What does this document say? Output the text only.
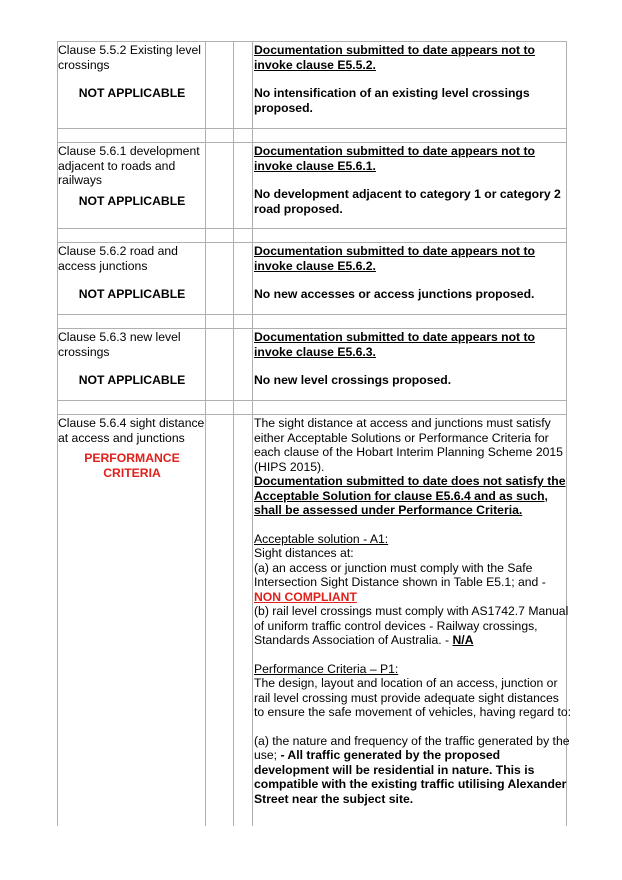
Clause 5.5.2 Existing level crossings

NOT APPLICABLE

Documentation submitted to date appears not to invoke clause E5.5.2.

No intensification of an existing level crossings proposed.

Clause 5.6.1 development adjacent to roads and railways

NOT APPLICABLE

Documentation submitted to date appears not to invoke clause E5.6.1.

No development adjacent to category 1 or category 2 road proposed.

Clause 5.6.2 road and access junctions

NOT APPLICABLE

Documentation submitted to date appears not to invoke clause E5.6.2.

No new accesses or access junctions proposed.

Clause 5.6.3 new level crossings

NOT APPLICABLE

Documentation submitted to date appears not to invoke clause E5.6.3.

No new level crossings proposed.

Clause 5.6.4 sight distance at access and junctions

PERFORMANCE CRITERIA

The sight distance at access and junctions must satisfy either Acceptable Solutions or Performance Criteria for each clause of the Hobart Interim Planning Scheme 2015 (HIPS 2015).

Documentation submitted to date does not satisfy the Acceptable Solution for clause E5.6.4 and as such, shall be assessed under Performance Criteria.

Acceptable solution - A1:

Sight distances at:

(a) an access or junction must comply with the Safe Intersection Sight Distance shown in Table E5.1; and - NON COMPLIANT

(b) rail level crossings must comply with AS1742.7 Manual of uniform traffic control devices - Railway crossings, Standards Association of Australia. - N/A

Performance Criteria – P1:

The design, layout and location of an access, junction or rail level crossing must provide adequate sight distances to ensure the safe movement of vehicles, having regard to:

(a) the nature and frequency of the traffic generated by the use; - All traffic generated by the proposed development will be residential in nature. This is compatible with the existing traffic utilising Alexander Street near the subject site.
